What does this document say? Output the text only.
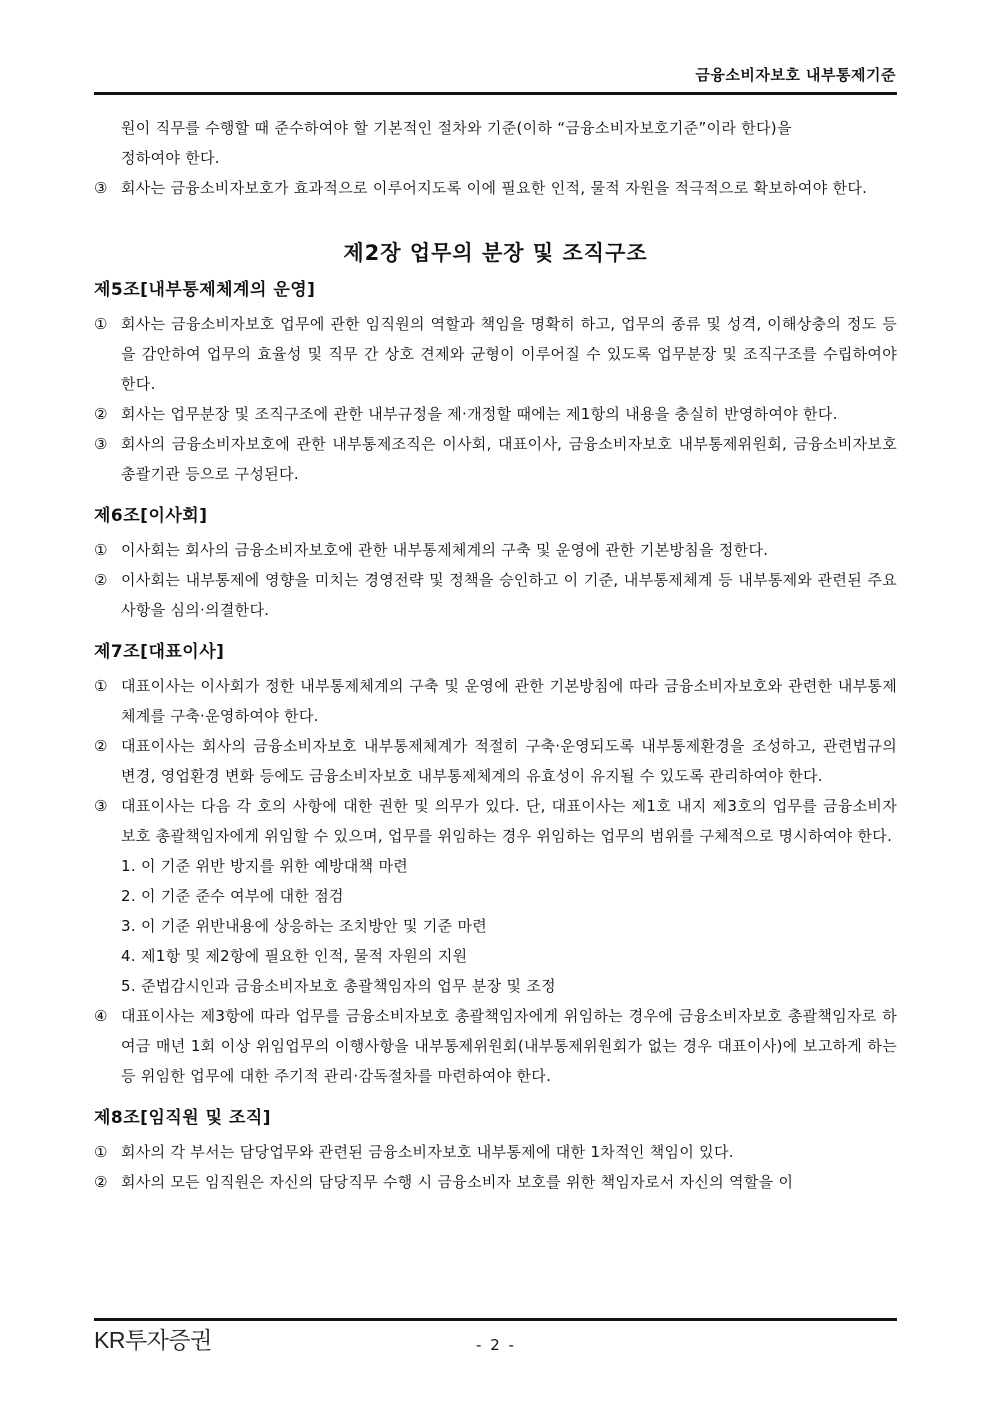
금융소비자보호 내부통제기준

원이 직무를 수행할 때 준수하여야 할 기본적인 절차와 기준(이하 “금융소비자보호기준”이라 한다)을

정하여야 한다.

③ 회사는 금융소비자보호가 효과적으로 이루어지도록 이에 필요한 인적, 물적 자원을 적극적으로 확보하여야 한다.

제2장 업무의 분장 및 조직구조
제5조[내부통제체계의 운영]

① 회사는 금융소비자보호 업무에 관한 임직원의 역할과 책임을 명확히 하고, 업무의 종류 및 성격, 이해상충의 정도 등을 감안하여 업무의 효율성 및 직무 간 상호 견제와 균형이 이루어질 수 있도록 업무분장 및 조직구조를 수립하여야 한다.

② 회사는 업무분장 및 조직구조에 관한 내부규정을 제·개정할 때에는 제1항의 내용을 충실히 반영하여야 한다.

③ 회사의 금융소비자보호에 관한 내부통제조직은 이사회, 대표이사, 금융소비자보호 내부통제위원회, 금융소비자보호 총괄기관 등으로 구성된다.

제6조[이사회]

① 이사회는 회사의 금융소비자보호에 관한 내부통제체계의 구축 및 운영에 관한 기본방침을 정한다.

② 이사회는 내부통제에 영향을 미치는 경영전략 및 정책을 승인하고 이 기준, 내부통제체계 등 내부통제와 관련된 주요사항을 심의·의결한다.

제7조[대표이사]

① 대표이사는 이사회가 정한 내부통제체계의 구축 및 운영에 관한 기본방침에 따라 금융소비자보호와 관련한 내부통제체계를 구축·운영하여야 한다.

② 대표이사는 회사의 금융소비자보호 내부통제체계가 적절히 구축·운영되도록 내부통제환경을 조성하고, 관련법규의 변경, 영업환경 변화 등에도 금융소비자보호 내부통제체계의 유효성이 유지될 수 있도록 관리하여야 한다.

③ 대표이사는 다음 각 호의 사항에 대한 권한 및 의무가 있다. 단, 대표이사는 제1호 내지 제3호의 업무를 금융소비자보호 총괄책임자에게 위임할 수 있으며, 업무를 위임하는 경우 위임하는 업무의 범위를 구체적으로 명시하여야 한다.

1. 이 기준 위반 방지를 위한 예방대책 마련

2. 이 기준 준수 여부에 대한 점검

3. 이 기준 위반내용에 상응하는 조치방안 및 기준 마련

4. 제1항 및 제2항에 필요한 인적, 물적 자원의 지원

5. 준법감시인과 금융소비자보호 총괄책임자의 업무 분장 및 조정

④ 대표이사는 제3항에 따라 업무를 금융소비자보호 총괄책임자에게 위임하는 경우에 금융소비자보호 총괄책임자로 하여금 매년 1회 이상 위임업무의 이행사항을 내부통제위원회(내부통제위원회가 없는 경우 대표이사)에 보고하게 하는 등 위임한 업무에 대한 주기적 관리·감독절차를 마련하여야 한다.

제8조[임직원 및 조직]

① 회사의 각 부서는 담당업무와 관련된 금융소비자보호 내부통제에 대한 1차적인 책임이 있다.

② 회사의 모든 임직원은 자신의 담당직무 수행 시 금융소비자 보호를 위한 책임자로서 자신의 역할을 이

KR투자증권	- 2 -
